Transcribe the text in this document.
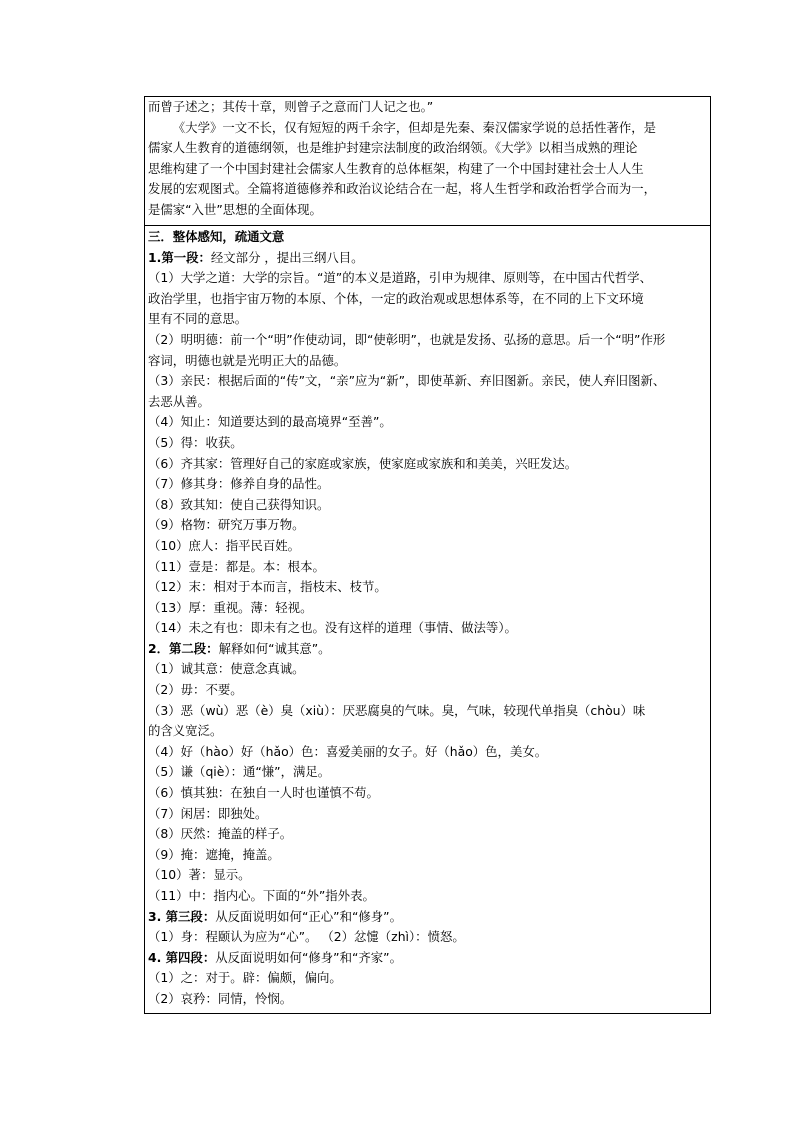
而曾子述之；其传十章，则曾子之意而门人记之也。”

《大学》一文不长，仅有短短的两千余字，但却是先秦、秦汉儒家学说的总括性著作，是

儒家人生教育的道德纲领，也是维护封建宗法制度的政治纲领。《大学》以相当成熟的理论

思维构建了一个中国封建社会儒家人生教育的总体框架，构建了一个中国封建社会士人人生

发展的宏观图式。全篇将道德修养和政治议论结合在一起，将人生哲学和政治哲学合而为一，

是儒家“入世”思想的全面体现。

三．整体感知，疏通文意

1.第一段：经文部分 ，提出三纲八目。

（1）大学之道：大学的宗旨。“道”的本义是道路，引申为规律、原则等，在中国古代哲学、

政治学里，也指宇宙万物的本原、个体，一定的政治观或思想体系等，在不同的上下文环境

里有不同的意思。

（2）明明德：前一个“明”作使动词，即“使彰明”，也就是发扬、弘扬的意思。后一个“明”作形

容词，明德也就是光明正大的品德。

（3）亲民：根据后面的“传”文，“亲”应为“新”，即使革新、弃旧图新。亲民，使人弃旧图新、

去恶从善。

（4）知止：知道要达到的最高境界“至善”。

（5）得：收获。

（6）齐其家：管理好自己的家庭或家族，使家庭或家族和和美美，兴旺发达。

（7）修其身：修养自身的品性。

（8）致其知：使自己获得知识。

（9）格物：研究万事万物。

（10）庶人：指平民百姓。

（11）壹是：都是。本：根本。

（12）末：相对于本而言，指枝末、枝节。

（13）厚：重视。薄：轻视。

（14）未之有也：即未有之也。没有这样的道理（事情、做法等）。

2．第二段：解释如何“诚其意”。

（1）诚其意：使意念真诚。

（2）毋：不要。

（3）恶（wù）恶（è）臭（xiù）：厌恶腐臭的气味。臭，气味，较现代单指臭（chòu）味

的含义宽泛。

（4）好（hào）好（hǎo）色：喜爱美丽的女子。好（hǎo）色，美女。

（5）谦（qiè）：通“慊”，满足。

（6）慎其独：在独自一人时也谨慎不苟。

（7）闲居：即独处。

（8）厌然：掩盖的样子。

（9）掩：遮掩，掩盖。

（10）著：显示。

（11）中：指内心。下面的“外”指外表。

3. 第三段：从反面说明如何“正心”和“修身”。

（1）身：程颐认为应为“心”。 （2）忿懥（zhì）：愤怒。

4. 第四段：从反面说明如何“修身”和“齐家”。

（1）之：对于。辟：偏颇，偏向。

（2）哀矜：同情，怜悯。
